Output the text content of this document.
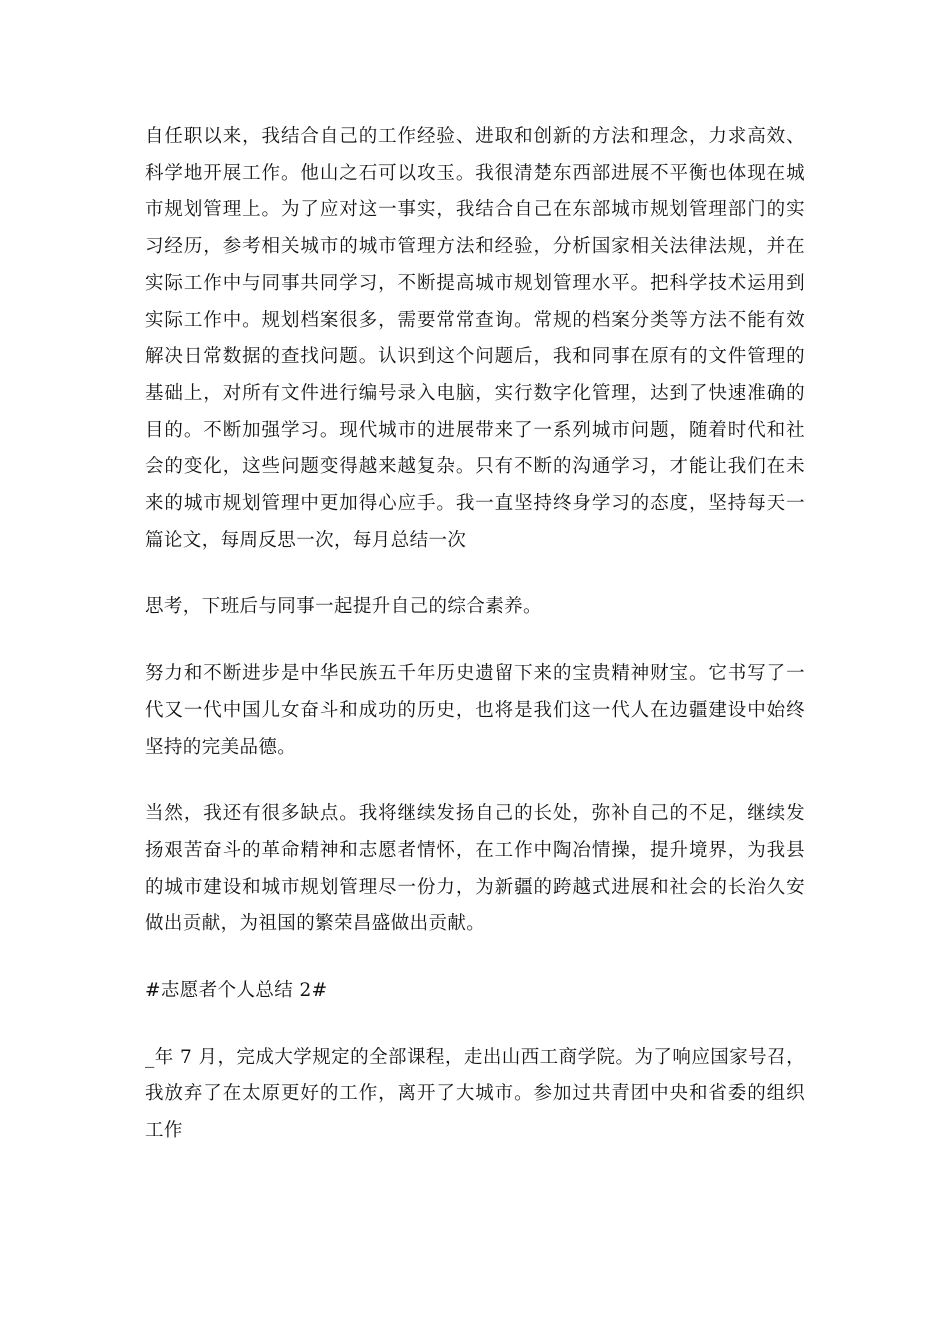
自任职以来，我结合自己的工作经验、进取和创新的方法和理念，力求高效、科学地开展工作。他山之石可以攻玉。我很清楚东西部进展不平衡也体现在城市规划管理上。为了应对这一事实，我结合自己在东部城市规划管理部门的实习经历，参考相关城市的城市管理方法和经验，分析国家相关法律法规，并在实际工作中与同事共同学习，不断提高城市规划管理水平。把科学技术运用到实际工作中。规划档案很多，需要常常查询。常规的档案分类等方法不能有效解决日常数据的查找问题。认识到这个问题后，我和同事在原有的文件管理的基础上，对所有文件进行编号录入电脑，实行数字化管理，达到了快速准确的目的。不断加强学习。现代城市的进展带来了一系列城市问题，随着时代和社会的变化，这些问题变得越来越复杂。只有不断的沟通学习，才能让我们在未来的城市规划管理中更加得心应手。我一直坚持终身学习的态度，坚持每天一篇论文，每周反思一次，每月总结一次

思考，下班后与同事一起提升自己的综合素养。

努力和不断进步是中华民族五千年历史遗留下来的宝贵精神财宝。它书写了一代又一代中国儿女奋斗和成功的历史，也将是我们这一代人在边疆建设中始终坚持的完美品德。

当然，我还有很多缺点。我将继续发扬自己的长处，弥补自己的不足，继续发扬艰苦奋斗的革命精神和志愿者情怀，在工作中陶冶情操，提升境界，为我县的城市建设和城市规划管理尽一份力，为新疆的跨越式进展和社会的长治久安做出贡献，为祖国的繁荣昌盛做出贡献。

#志愿者个人总结 2#

_年 7 月，完成大学规定的全部课程，走出山西工商学院。为了响应国家号召，我放弃了在太原更好的工作，离开了大城市。参加过共青团中央和省委的组织工作
